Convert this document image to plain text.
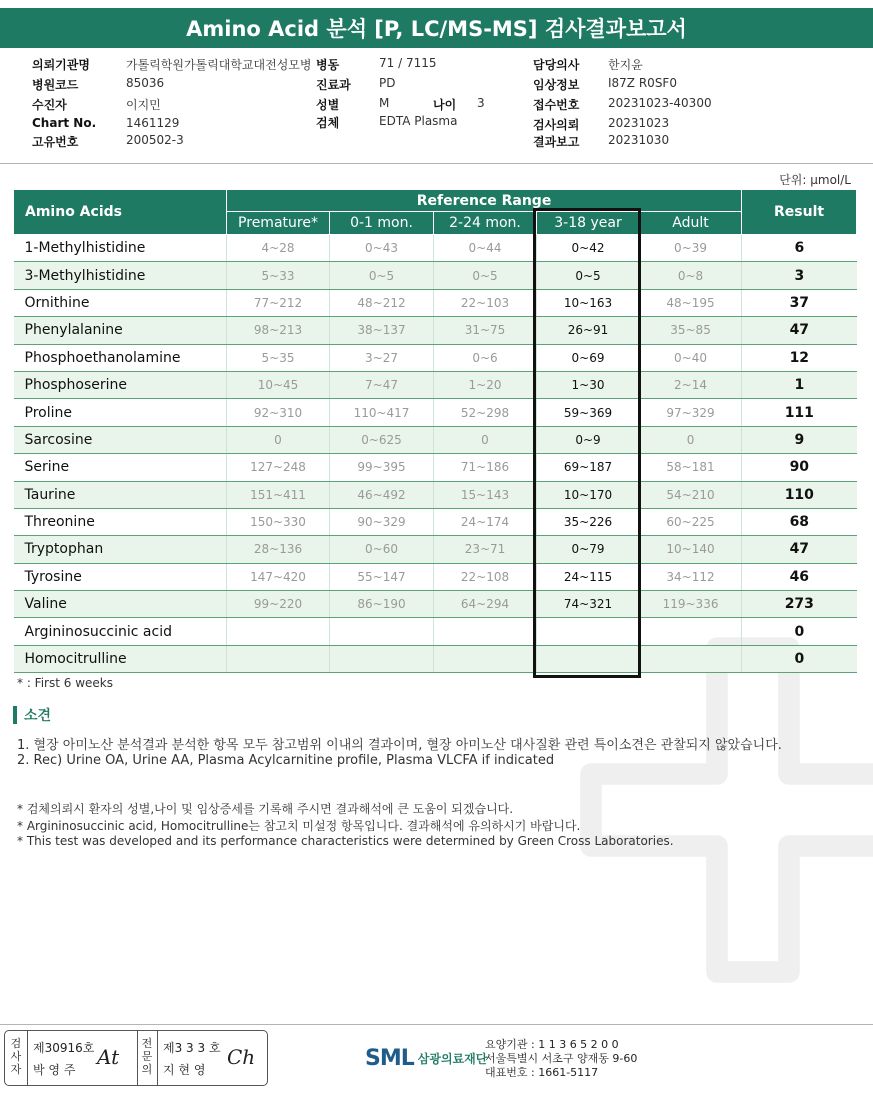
Amino Acid 분석 [P, LC/MS-MS] 검사결과보고서
의뢰기관명	가톨릭학원가톨릭대학교대전성모병 병동	71 / 7115	담당의사 한지윤
병원코드	85036	진료과 PD	임상정보 I87Z R0SF0
수진자	이지민	성별	M	나이 3	접수번호 20231023-40300
Chart No. 1461129	검체	EDTA Plasma	검사의뢰 20231023
고유번호	200502-3	결과보고 20231030
단위: μmol/L
Amino Acids	Reference Range					Result
	Premature*	0-1 mon.	2-24 mon.	3-18 year	Adult	
1-Methylhistidine	4~28	0~43	0~44	0~42	0~39	6
3-Methylhistidine	5~33	0~5	0~5	0~5	0~8	3
Ornithine	77~212	48~212	22~103	10~163	48~195	37
Phenylalanine	98~213	38~137	31~75	26~91	35~85	47
Phosphoethanolamine	5~35	3~27	0~6	0~69	0~40	12
Phosphoserine	10~45	7~47	1~20	1~30	2~14	1
Proline	92~310	110~417	52~298	59~369	97~329	111
Sarcosine	0	0~625	0	0~9	0	9
Serine	127~248	99~395	71~186	69~187	58~181	90
Taurine	151~411	46~492	15~143	10~170	54~210	110
Threonine	150~330	90~329	24~174	35~226	60~225	68
Tryptophan	28~136	0~60	23~71	0~79	10~140	47
Tyrosine	147~420	55~147	22~108	24~115	34~112	46
Valine	99~220	86~190	64~294	74~321	119~336	273
Argininosuccinic acid						0
Homocitrulline						0
* : First 6 weeks
소견
1. 혈장 아미노산 분석결과 분석한 항목 모두 참고범위 이내의 결과이며, 혈장 아미노산 대사질환 관련 특이소견은 관찰되지 않았습니다.
2. Rec) Urine OA, Urine AA, Plasma Acylcarnitine profile, Plasma VLCFA if indicated
* 검체의뢰시 환자의 성별,나이 및 임상증세를 기록해 주시면 결과해석에 큰 도움이 되겠습니다.
* Argininosuccinic acid, Homocitrulline는 참고치 미설정 항목입니다. 결과해석에 유의하시기 바랍니다.
* This test was developed and its performance characteristics were determined by Green Cross Laboratories.
검
사
자
제30916호
박 영 주
At
전
문
의
제3 3 3 호
지 현 영
Ch	SML 삼광의료재단
요양기관 : 1 1 3 6 5 2 0 0
서울특별시 서초구 양재동 9-60
대표번호 : 1661-5117
